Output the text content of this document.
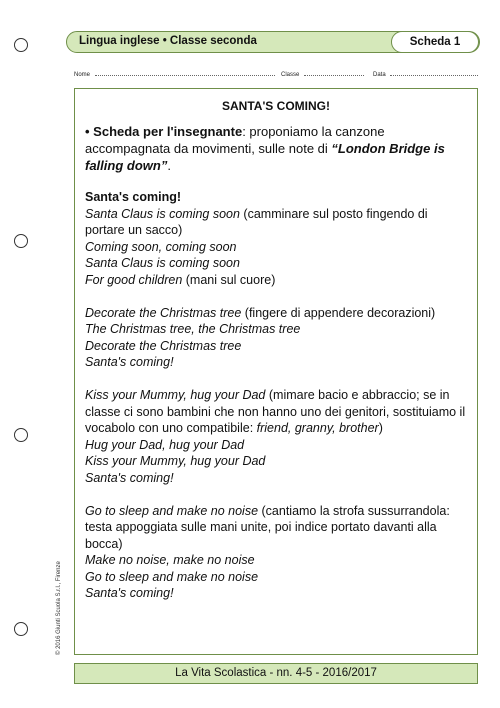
Lingua inglese • Classe seconda	Scheda 1
Nome	Classe	Data
SANTA'S COMING!
• Scheda per l'insegnante: proponiamo la canzone accompagnata da movimenti, sulle note di “London Bridge is falling down”.
Santa's coming!
Santa Claus is coming soon (camminare sul posto fingendo di portare un sacco)
Coming soon, coming soon
Santa Claus is coming soon
For good children (mani sul cuore)
Decorate the Christmas tree (fingere di appendere decorazioni)
The Christmas tree, the Christmas tree
Decorate the Christmas tree
Santa's coming!
Kiss your Mummy, hug your Dad (mimare bacio e abbraccio; se in classe ci sono bambini che non hanno uno dei genitori, sostituiamo il vocabolo con uno compatibile: friend, granny, brother)
Hug your Dad, hug your Dad
Kiss your Mummy, hug your Dad
Santa's coming!
Go to sleep and make no noise (cantiamo la strofa sussurrandola: testa appoggiata sulle mani unite, poi indice portato davanti alla bocca)
Make no noise, make no noise
Go to sleep and make no noise
Santa's coming!
© 2016 Giunti Scuola S.r.l., Firenze
La Vita Scolastica - nn. 4-5 - 2016/2017
